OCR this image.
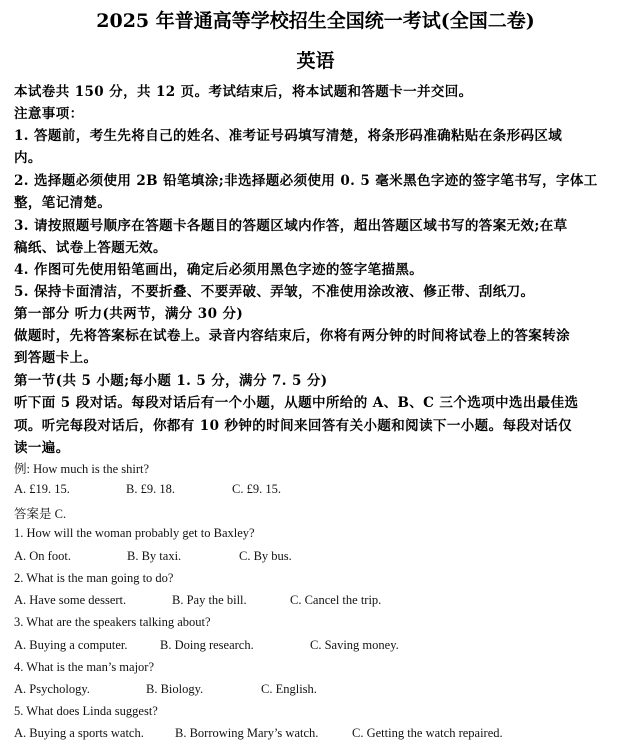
2025 年普通高等学校招生全国统一考试(全国二卷)
英语
本试卷共 150 分，共 12 页。考试结束后，将本试题和答题卡一并交回。
注意事项：
1. 答题前，考生先将自己的姓名、准考证号码填写清楚，将条形码准确粘贴在条形码区域
内。
2. 选择题必须使用 2B 铅笔填涂;非选择题必须使用 0. 5 毫米黑色字迹的签字笔书写，字体工
整，笔记清楚。
3. 请按照题号顺序在答题卡各题目的答题区域内作答，超出答题区域书写的答案无效;在草
稿纸、试卷上答题无效。
4. 作图可先使用铅笔画出，确定后必须用黑色字迹的签字笔描黑。
5. 保持卡面清洁，不要折叠、不要弄破、弄皱，不准使用涂改液、修正带、刮纸刀。
第一部分 听力(共两节，满分 30 分)
做题时，先将答案标在试卷上。录音内容结束后，你将有两分钟的时间将试卷上的答案转涂
到答题卡上。
第一节(共 5 小题;每小题 1. 5 分，满分 7. 5 分)
听下面 5 段对话。每段对话后有一个小题，从题中所给的 A、B、C 三个选项中选出最佳选
项。听完每段对话后，你都有 10 秒钟的时间来回答有关小题和阅读下一小题。每段对话仅
读一遍。
例: How much is the shirt?
A. £19. 15.	B. £9. 18.	C. £9. 15.
答案是 C.
1. How will the woman probably get to Baxley?
A. On foot.	B. By taxi.	C. By bus.
2. What is the man going to do?
A. Have some dessert.	B. Pay the bill.	C. Cancel the trip.
3. What are the speakers talking about?
A. Buying a computer.	B. Doing research.	C. Saving money.
4. What is the man’s major?
A. Psychology.	B. Biology.	C. English.
5. What does Linda suggest?
A. Buying a sports watch. B. Borrowing Mary’s watch.	C. Getting the watch repaired.
